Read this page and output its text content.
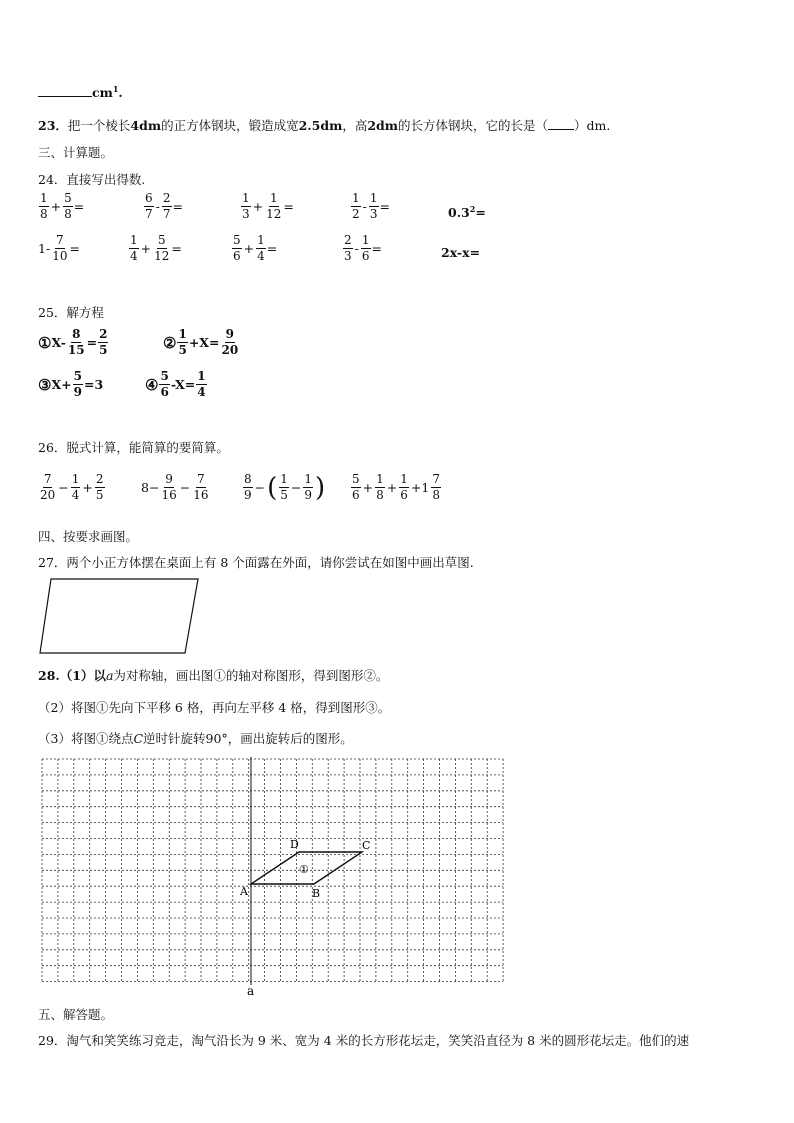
$cm^1$.
23．把一个棱长4dm的正方体钢块，锻造成宽2.5dm，高2dm的长方体钢块，它的长是（ ）dm.
三、计算题。
24．直接写出得数.
$\frac{1}{8} + \frac{5}{8}$ =	$\frac{6}{7} - \frac{2}{7}$ =	$\frac{1}{3} + \frac{1}{12}$ =	$\frac{1}{2} - \frac{1}{3}$ =	$0.3^2=$
$1- \frac{7}{10}$ =	$\frac{1}{4} + \frac{5}{12}$ =	$\frac{5}{6} + \frac{1}{4}$ =	$\frac{2}{3} - \frac{1}{6}$ =	2x-x=
25．解方程
① $X- \frac{8}{15} = \frac{2}{5}$	② $\frac{1}{5} +X= \frac{9}{20}$
③ $X+ \frac{5}{9} =3$	④ $\frac{5}{6} -X= \frac{1}{4}$
26．脱式计算，能简算的要简算。
$\frac{7}{20} - \frac{1}{4} + \frac{2}{5}$	$8- \frac{9}{16} - \frac{7}{16}$	$\frac{8}{9}$ − ( $\frac{1}{5} - \frac{1}{9}$ ) $\frac{5}{6} + \frac{1}{8} + \frac{1}{6} +1 \frac{7}{8}$
四、按要求画图。
27．两个小正方体摆在桌面上有 8 个面露在外面，请你尝试在如图中画出草图.
28.（1）以a为对称轴，画出图①的轴对称图形，得到图形②。
（2）将图①先向下平移 6 格，再向左平移 4 格，得到图形③。
（3）将图①绕点C逆时针旋转90°，画出旋转后的图形。
A	B
C
D
①
a
五、解答题。
29．淘气和笑笑练习竞走，淘气沿长为 9 米、宽为 4 米的长方形花坛走，笑笑沿直径为 8 米的圆形花坛走。他们的速
